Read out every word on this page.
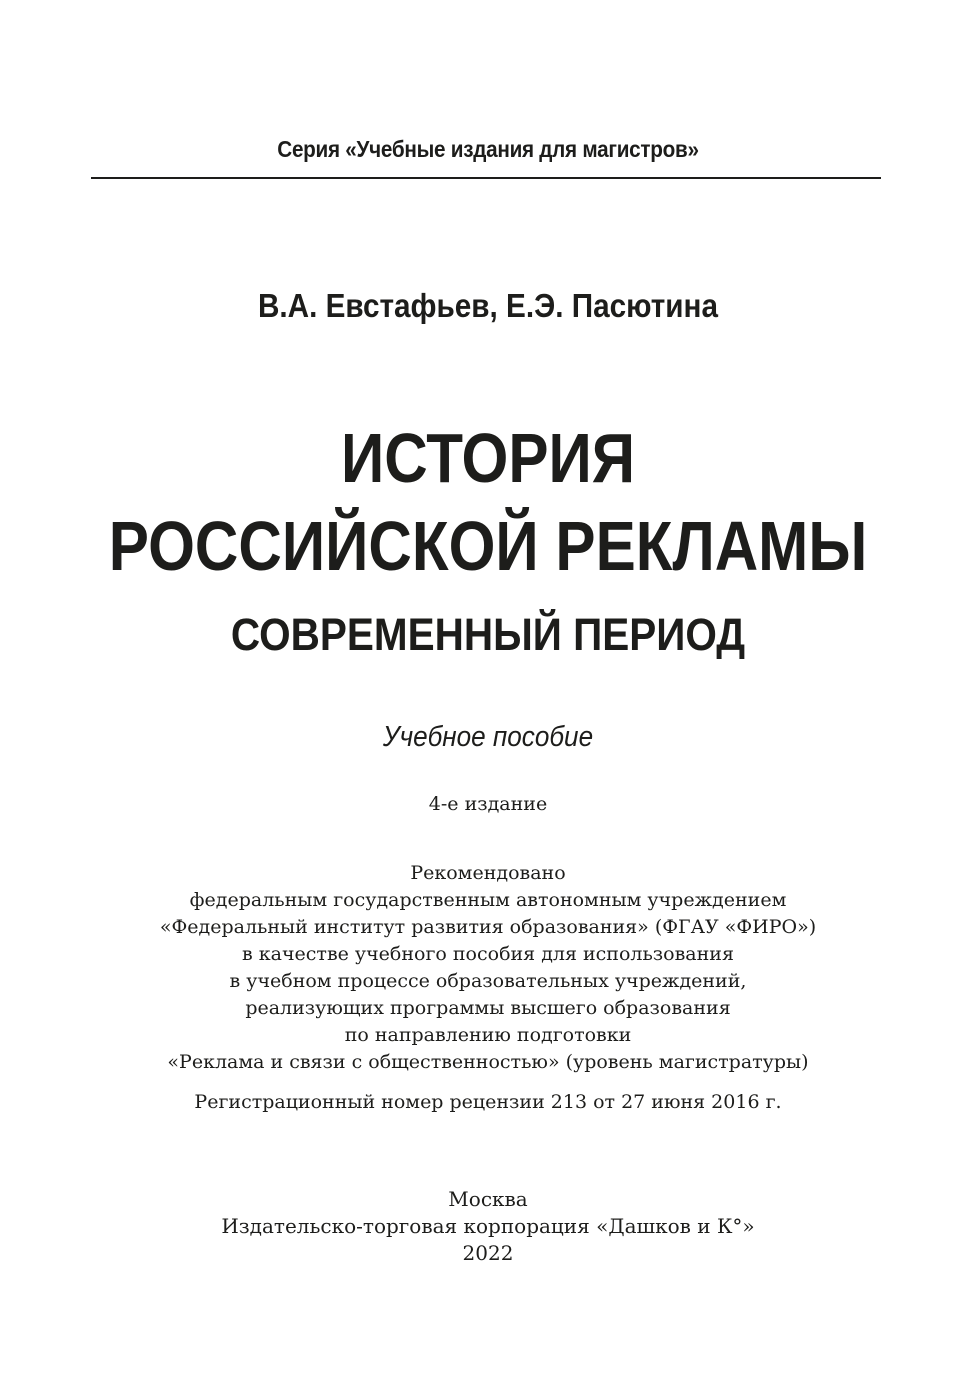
Серия «Учебные издания для магистров»
В.А. Евстафьев, Е.Э. Пасютина
ИСТОРИЯ
РОССИЙСКОЙ РЕКЛАМЫ
СОВРЕМЕННЫЙ ПЕРИОД
Учебное пособие
4-е издание
Рекомендовано
федеральным государственным автономным учреждением
«Федеральный институт развития образования» (ФГАУ «ФИРО»)
в качестве учебного пособия для использования
в учебном процессе образовательных учреждений,
реализующих программы высшего образования
по направлению подготовки
«Реклама и связи с общественностью» (уровень магистратуры)
Регистрационный номер рецензии 213 от 27 июня 2016 г.
Москва
Издательско-торговая корпорация «Дашков и К°»
2022
